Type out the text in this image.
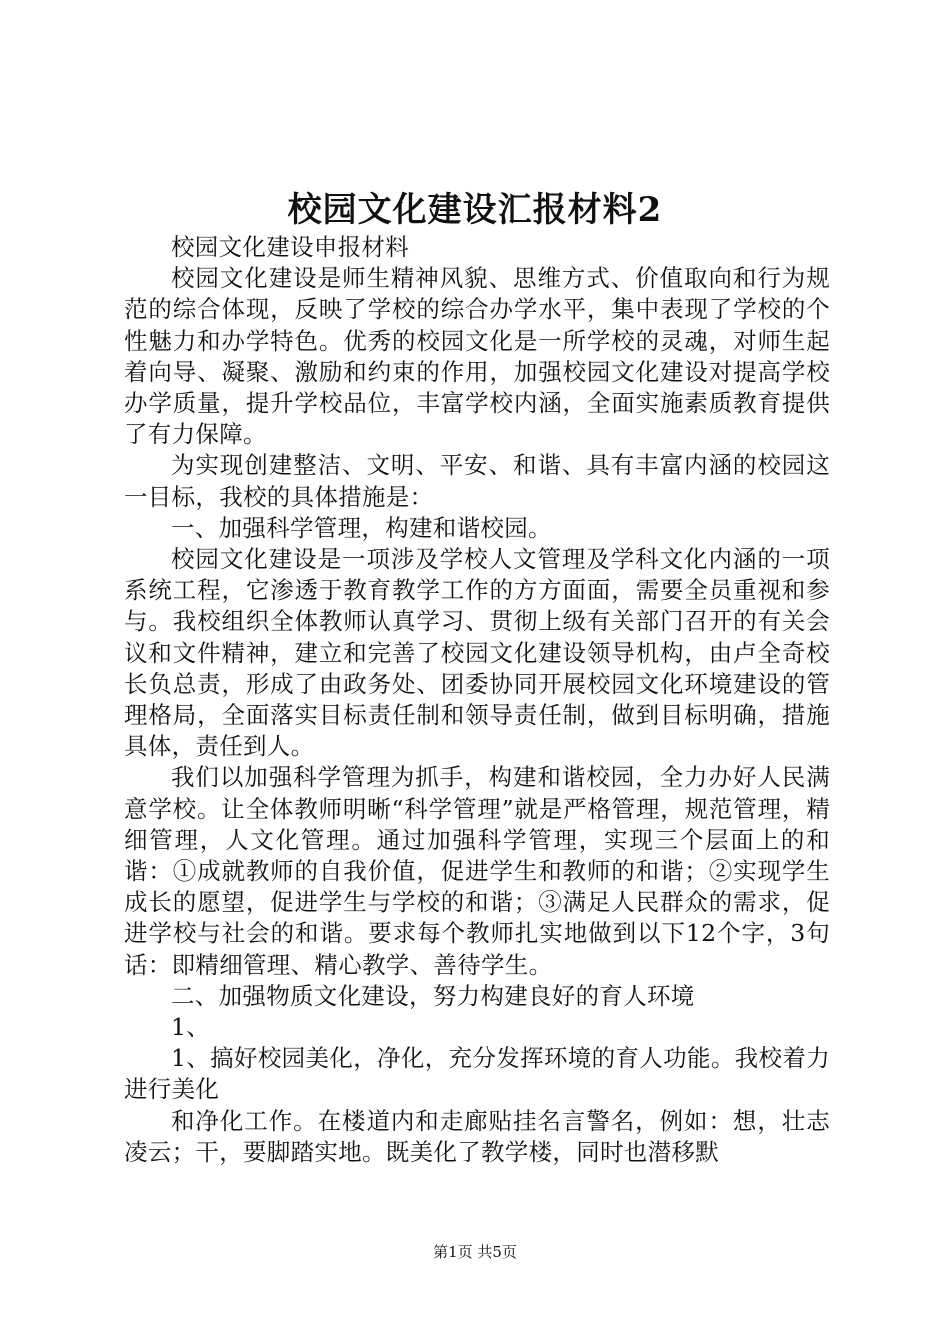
校园文化建设汇报材料2

校园文化建设申报材料

校园文化建设是师生精神风貌、思维方式、价值取向和行为规范的综合体现，反映了学校的综合办学水平，集中表现了学校的个性魅力和办学特色。优秀的校园文化是一所学校的灵魂，对师生起着向导、凝聚、激励和约束的作用，加强校园文化建设对提高学校办学质量，提升学校品位，丰富学校内涵，全面实施素质教育提供了有力保障。

为实现创建整洁、文明、平安、和谐、具有丰富内涵的校园这一目标，我校的具体措施是：

一、加强科学管理，构建和谐校园。

校园文化建设是一项涉及学校人文管理及学科文化内涵的一项系统工程，它渗透于教育教学工作的方方面面，需要全员重视和参与。我校组织全体教师认真学习、贯彻上级有关部门召开的有关会议和文件精神，建立和完善了校园文化建设领导机构，由卢全奇校长负总责，形成了由政务处、团委协同开展校园文化环境建设的管理格局，全面落实目标责任制和领导责任制，做到目标明确，措施具体，责任到人。

我们以加强科学管理为抓手，构建和谐校园，全力办好人民满意学校。让全体教师明晰“科学管理”就是严格管理，规范管理，精细管理，人文化管理。通过加强科学管理，实现三个层面上的和谐：①成就教师的自我价值，促进学生和教师的和谐；②实现学生成长的愿望，促进学生与学校的和谐；③满足人民群众的需求，促进学校与社会的和谐。要求每个教师扎实地做到以下12个字，3句话：即精细管理、精心教学、善待学生。

二、加强物质文化建设，努力构建良好的育人环境

1、

1、搞好校园美化，净化，充分发挥环境的育人功能。我校着力进行美化

和净化工作。在楼道内和走廊贴挂名言警名，例如：想，壮志凌云；干，要脚踏实地。既美化了教学楼，同时也潜移默

第1页 共5页
